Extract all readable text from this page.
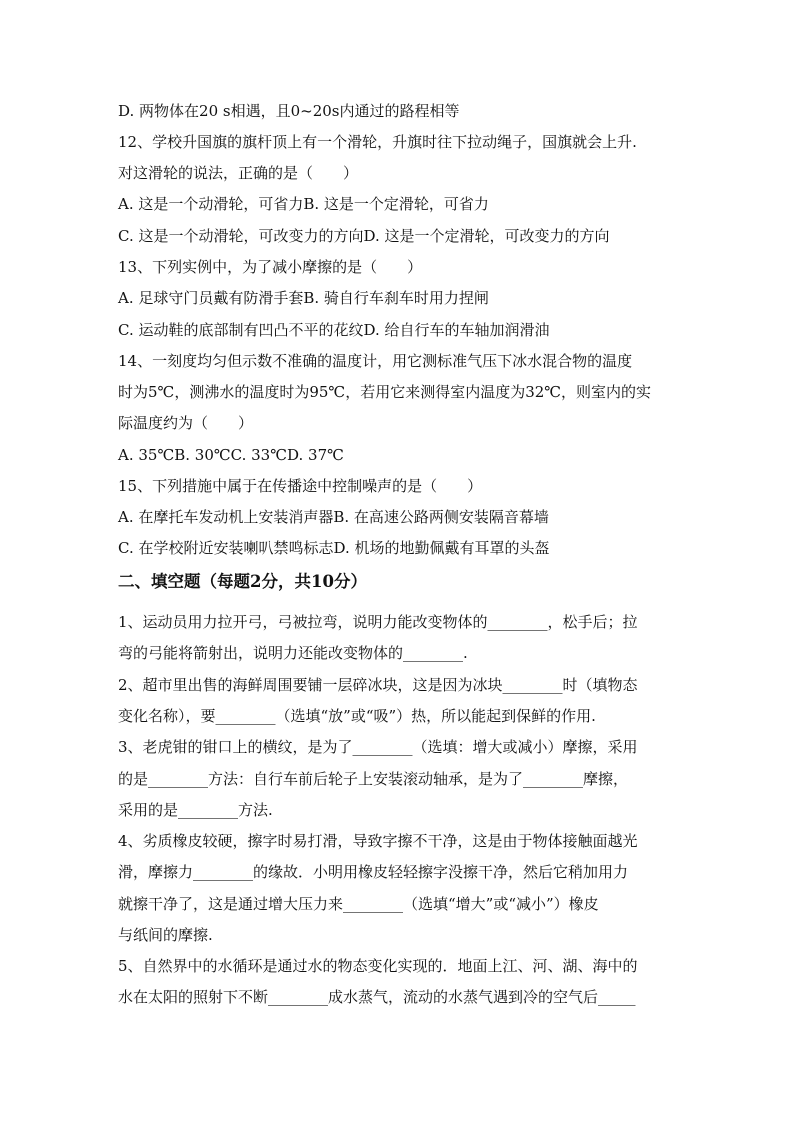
D. 两物体在20 s相遇，且0~20s内通过的路程相等
12、学校升国旗的旗杆顶上有一个滑轮，升旗时往下拉动绳子，国旗就会上升.
对这滑轮的说法，正确的是（　　）
A. 这是一个动滑轮，可省力B. 这是一个定滑轮，可省力
C. 这是一个动滑轮，可改变力的方向D. 这是一个定滑轮，可改变力的方向
13、下列实例中，为了减小摩擦的是（　　）
A. 足球守门员戴有防滑手套B. 骑自行车刹车时用力捏闸
C. 运动鞋的底部制有凹凸不平的花纹D. 给自行车的车轴加润滑油
14、一刻度均匀但示数不准确的温度计，用它测标准气压下冰水混合物的温度
时为5℃，测沸水的温度时为95℃，若用它来测得室内温度为32℃，则室内的实
际温度约为（　　）
A. 35℃B. 30℃C. 33℃D. 37℃
15、下列措施中属于在传播途中控制噪声的是（　　）
A. 在摩托车发动机上安装消声器B. 在高速公路两侧安装隔音幕墙
C. 在学校附近安装喇叭禁鸣标志D. 机场的地勤佩戴有耳罩的头盔
二、填空题（每题2分，共10分）
1、运动员用力拉开弓，弓被拉弯，说明力能改变物体的________，松手后；拉
弯的弓能将箭射出，说明力还能改变物体的________.
2、超市里出售的海鲜周围要铺一层碎冰块，这是因为冰块________时（填物态
变化名称），要________（选填“放”或“吸”）热，所以能起到保鲜的作用.
3、老虎钳的钳口上的横纹，是为了________（选填：增大或减小）摩擦，采用
的是________方法：自行车前后轮子上安装滚动轴承，是为了________摩擦，
采用的是________方法.
4、劣质橡皮较硬，擦字时易打滑，导致字擦不干净，这是由于物体接触面越光
滑，摩擦力________的缘故．小明用橡皮轻轻擦字没擦干净，然后它稍加用力
就擦干净了，这是通过增大压力来________（选填“增大”或“减小”）橡皮
与纸间的摩擦.
5、自然界中的水循环是通过水的物态变化实现的．地面上江、河、湖、海中的
水在太阳的照射下不断________成水蒸气，流动的水蒸气遇到冷的空气后_____
